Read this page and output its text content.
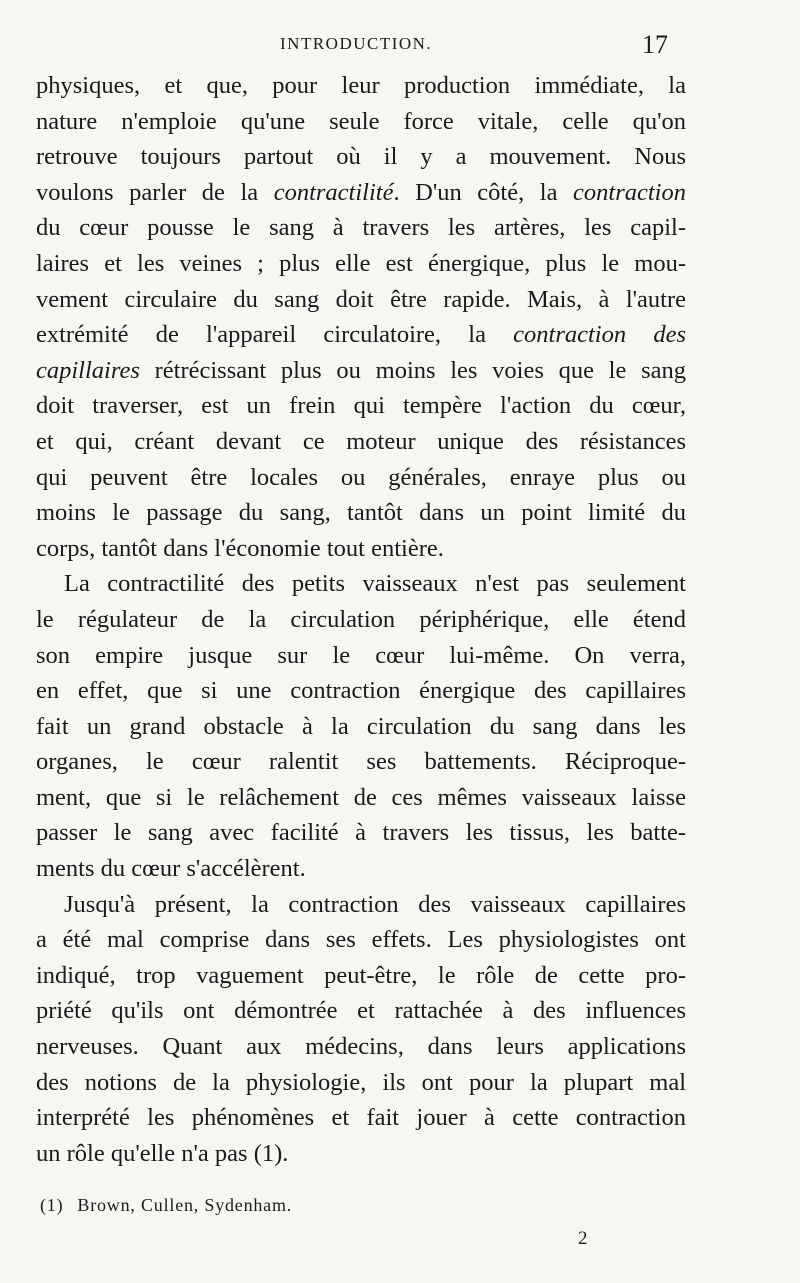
INTRODUCTION.	17
physiques, et que, pour leur production immédiate, la
nature n'emploie qu'une seule force vitale, celle qu'on
retrouve toujours partout où il y a mouvement. Nous
voulons parler de la contractilité. D'un côté, la contraction
du cœur pousse le sang à travers les artères, les capil-
laires et les veines ; plus elle est énergique, plus le mou-
vement circulaire du sang doit être rapide. Mais, à l'autre
extrémité de l'appareil circulatoire, la contraction des
capillaires rétrécissant plus ou moins les voies que le sang
doit traverser, est un frein qui tempère l'action du cœur,
et qui, créant devant ce moteur unique des résistances
qui peuvent être locales ou générales, enraye plus ou
moins le passage du sang, tantôt dans un point limité du
corps, tantôt dans l'économie tout entière.
La contractilité des petits vaisseaux n'est pas seulement
le régulateur de la circulation périphérique, elle étend
son empire jusque sur le cœur lui-même. On verra,
en effet, que si une contraction énergique des capillaires
fait un grand obstacle à la circulation du sang dans les
organes, le cœur ralentit ses battements. Réciproque-
ment, que si le relâchement de ces mêmes vaisseaux laisse
passer le sang avec facilité à travers les tissus, les batte-
ments du cœur s'accélèrent.
Jusqu'à présent, la contraction des vaisseaux capillaires
a été mal comprise dans ses effets. Les physiologistes ont
indiqué, trop vaguement peut-être, le rôle de cette pro-
priété qu'ils ont démontrée et rattachée à des influences
nerveuses. Quant aux médecins, dans leurs applications
des notions de la physiologie, ils ont pour la plupart mal
interprété les phénomènes et fait jouer à cette contraction
un rôle qu'elle n'a pas (1).
(1) Brown, Cullen, Sydenham.
2
